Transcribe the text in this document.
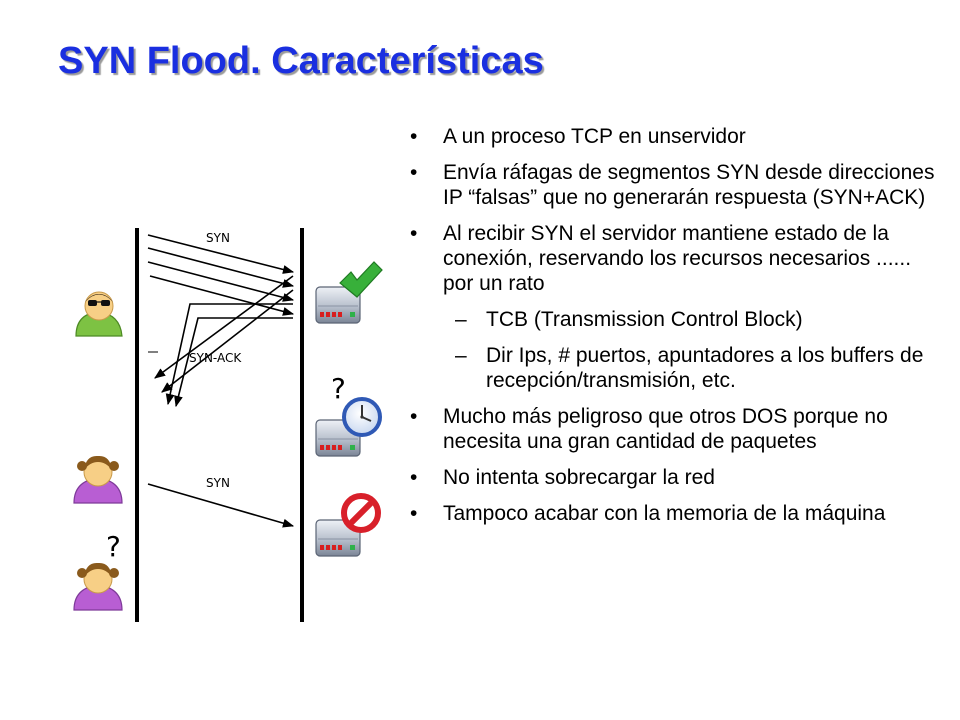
SYN Flood. Características
SYN
SYN-ACK
SYN
?
?
• A un proceso TCP en unservidor
• Envía ráfagas de segmentos SYN desde direcciones IP “falsas” que no generarán respuesta (SYN+ACK)
• Al recibir SYN el servidor mantiene estado de la conexión, reservando los recursos necesarios ...... por un rato
– TCB (Transmission Control Block)
– Dir Ips, # puertos, apuntadores a los buffers de recepción/transmisión, etc.
• Mucho más peligroso que otros DOS porque no necesita una gran cantidad de paquetes
• No intenta sobrecargar la red
• Tampoco acabar con la memoria de la máquina
